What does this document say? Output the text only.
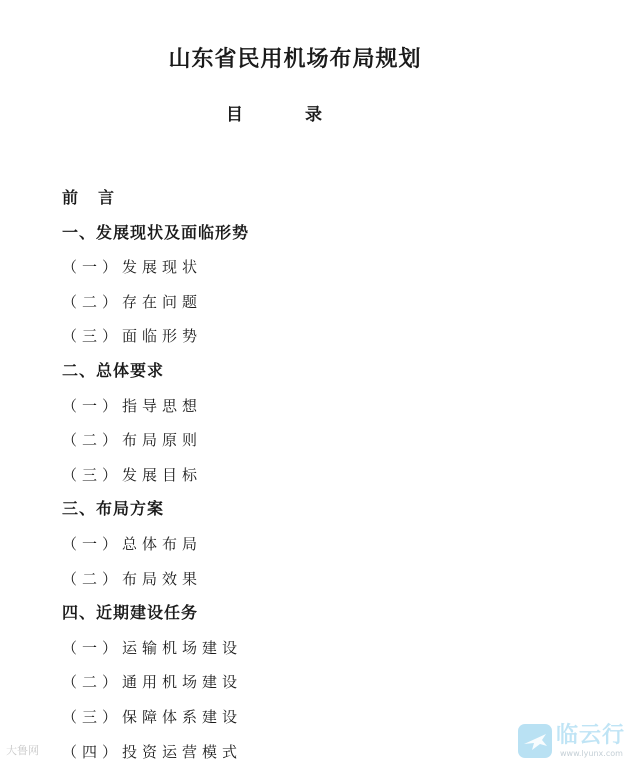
山东省民用机场布局规划
目 录
前言
一、发展现状及面临形势
（一）发展现状
（二）存在问题
（三）面临形势
二、总体要求
（一）指导思想
（二）布局原则
（三）发展目标
三、布局方案
（一）总体布局
（二）布局效果
四、近期建设任务
（一）运输机场建设
（二）通用机场建设
（三）保障体系建设
（四）投资运营模式
大鲁网
临云行
www.lyunx.com
